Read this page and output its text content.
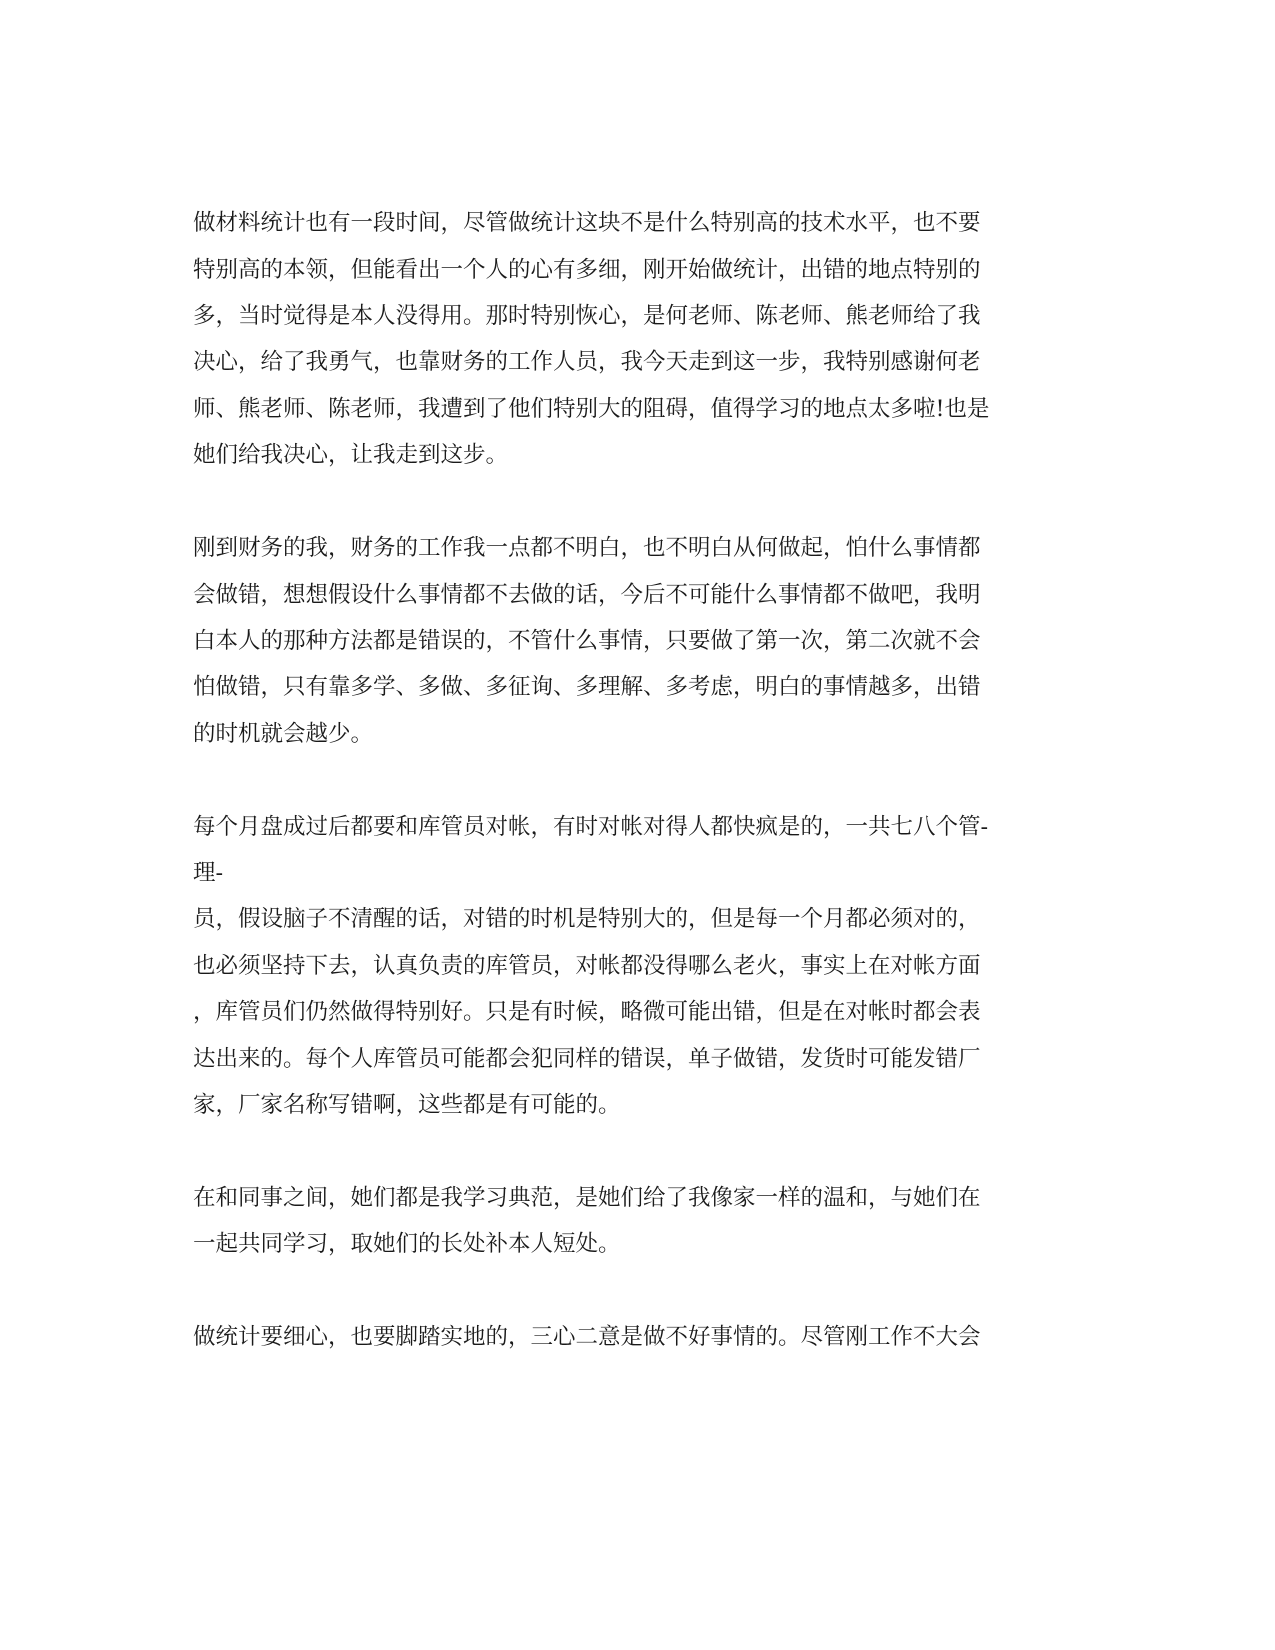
做材料统计也有一段时间，尽管做统计这块不是什么特别高的技术水平，也不要

特别高的本领，但能看出一个人的心有多细，刚开始做统计，出错的地点特别的

多，当时觉得是本人没得用。那时特别恢心，是何老师、陈老师、熊老师给了我

决心，给了我勇气，也靠财务的工作人员，我今天走到这一步，我特别感谢何老

师、熊老师、陈老师，我遭到了他们特别大的阻碍，值得学习的地点太多啦!也是

她们给我决心，让我走到这步。

刚到财务的我，财务的工作我一点都不明白，也不明白从何做起，怕什么事情都

会做错，想想假设什么事情都不去做的话，今后不可能什么事情都不做吧，我明

白本人的那种方法都是错误的，不管什么事情，只要做了第一次，第二次就不会

怕做错，只有靠多学、多做、多征询、多理解、多考虑，明白的事情越多，出错

的时机就会越少。

每个月盘成过后都要和库管员对帐，有时对帐对得人都快疯是的，一共七八个管-

理-

员，假设脑子不清醒的话，对错的时机是特别大的，但是每一个月都必须对的，

也必须坚持下去，认真负责的库管员，对帐都没得哪么老火，事实上在对帐方面

，库管员们仍然做得特别好。只是有时候，略微可能出错，但是在对帐时都会表

达出来的。每个人库管员可能都会犯同样的错误，单子做错，发货时可能发错厂

家，厂家名称写错啊，这些都是有可能的。

在和同事之间，她们都是我学习典范，是她们给了我像家一样的温和，与她们在

一起共同学习，取她们的长处补本人短处。

做统计要细心，也要脚踏实地的，三心二意是做不好事情的。尽管刚工作不大会
